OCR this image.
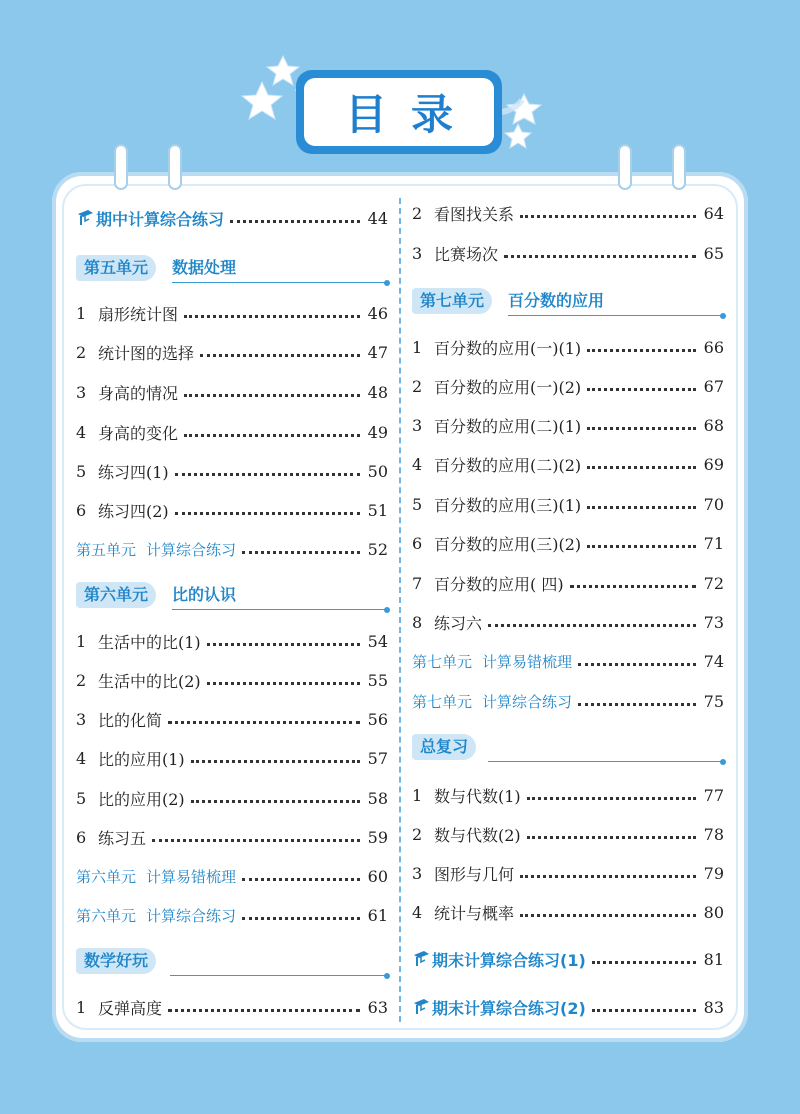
目录
期中计算综合练习	44
第五单元	数据处理
1 扇形统计图	46
2 统计图的选择	47
3 身高的情况	48
4 身高的变化	49
5 练习四(1)	50
6 练习四(2)	51
第五单元 计算综合练习	52
第六单元	比的认识
1 生活中的比(1)	54
2 生活中的比(2)	55
3 比的化简	56
4 比的应用(1)	57
5 比的应用(2)	58
6 练习五	59
第六单元 计算易错梳理	60
第六单元 计算综合练习	61
数学好玩
1 反弹高度	63
2 看图找关系	64
3 比赛场次	65
第七单元	百分数的应用
1 百分数的应用(一)(1)	66
2 百分数的应用(一)(2)	67
3 百分数的应用(二)(1)	68
4 百分数的应用(二)(2)	69
5 百分数的应用(三)(1)	70
6 百分数的应用(三)(2)	71
7 百分数的应用( 四)	72
8 练习六	73
第七单元 计算易错梳理	74
第七单元 计算综合练习	75
总复习
1 数与代数(1)	77
2 数与代数(2)	78
3 图形与几何	79
4 统计与概率	80
期末计算综合练习(1)	81
期末计算综合练习(2)	83
